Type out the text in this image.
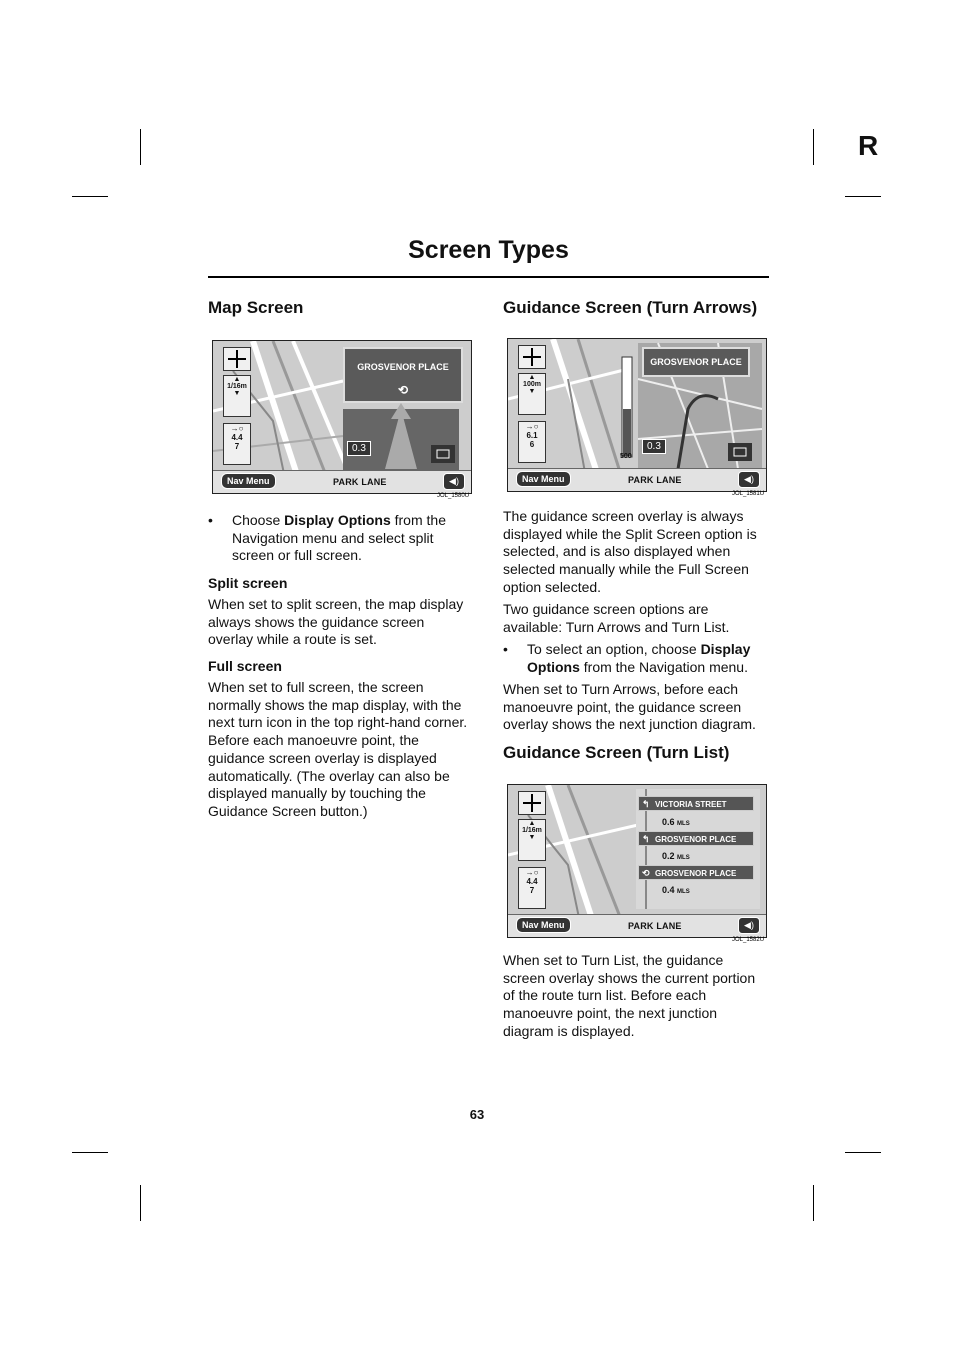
R
Screen Types
Map Screen
▲
1/16m
▼
→○
4.4
7
GROSVENOR PLACE
⟲
0.3
Nav Menu	PARK LANE	◀)
JOL_1580U
• Choose Display Options from the Navigation menu and select split screen or full screen.
Split screen

When set to split screen, the map display always shows the guidance screen overlay while a route is set.

Full screen

When set to full screen, the screen normally shows the map display, with the next turn icon in the top right-hand corner. Before each manoeuvre point, the guidance screen overlay is displayed automatically. (The overlay can also be displayed manually by touching the Guidance Screen button.)

Guidance Screen (Turn Arrows)
▲
100m
▼
→○
6.1
6
500
GROSVENOR PLACE
0.3
Nav Menu	PARK LANE	◀)
JOL_1581U

The guidance screen overlay is always displayed while the Split Screen option is selected, and is also displayed when selected manually while the Full Screen option selected.

Two guidance screen options are available: Turn Arrows and Turn List.

• To select an option, choose Display Options from the Navigation menu.

When set to Turn Arrows, before each manoeuvre point, the guidance screen overlay shows the next junction diagram.

Guidance Screen (Turn List)
▲
1/16m
▼
→○
4.4
7
↰ VICTORIA STREET
0.6 MLS
↰ GROSVENOR PLACE
0.2 MLS
⟲ GROSVENOR PLACE
0.4 MLS
Nav Menu	PARK LANE	◀)
JOL_1582U

When set to Turn List, the guidance screen overlay shows the current portion of the route turn list. Before each manoeuvre point, the next junction diagram is displayed.

63
